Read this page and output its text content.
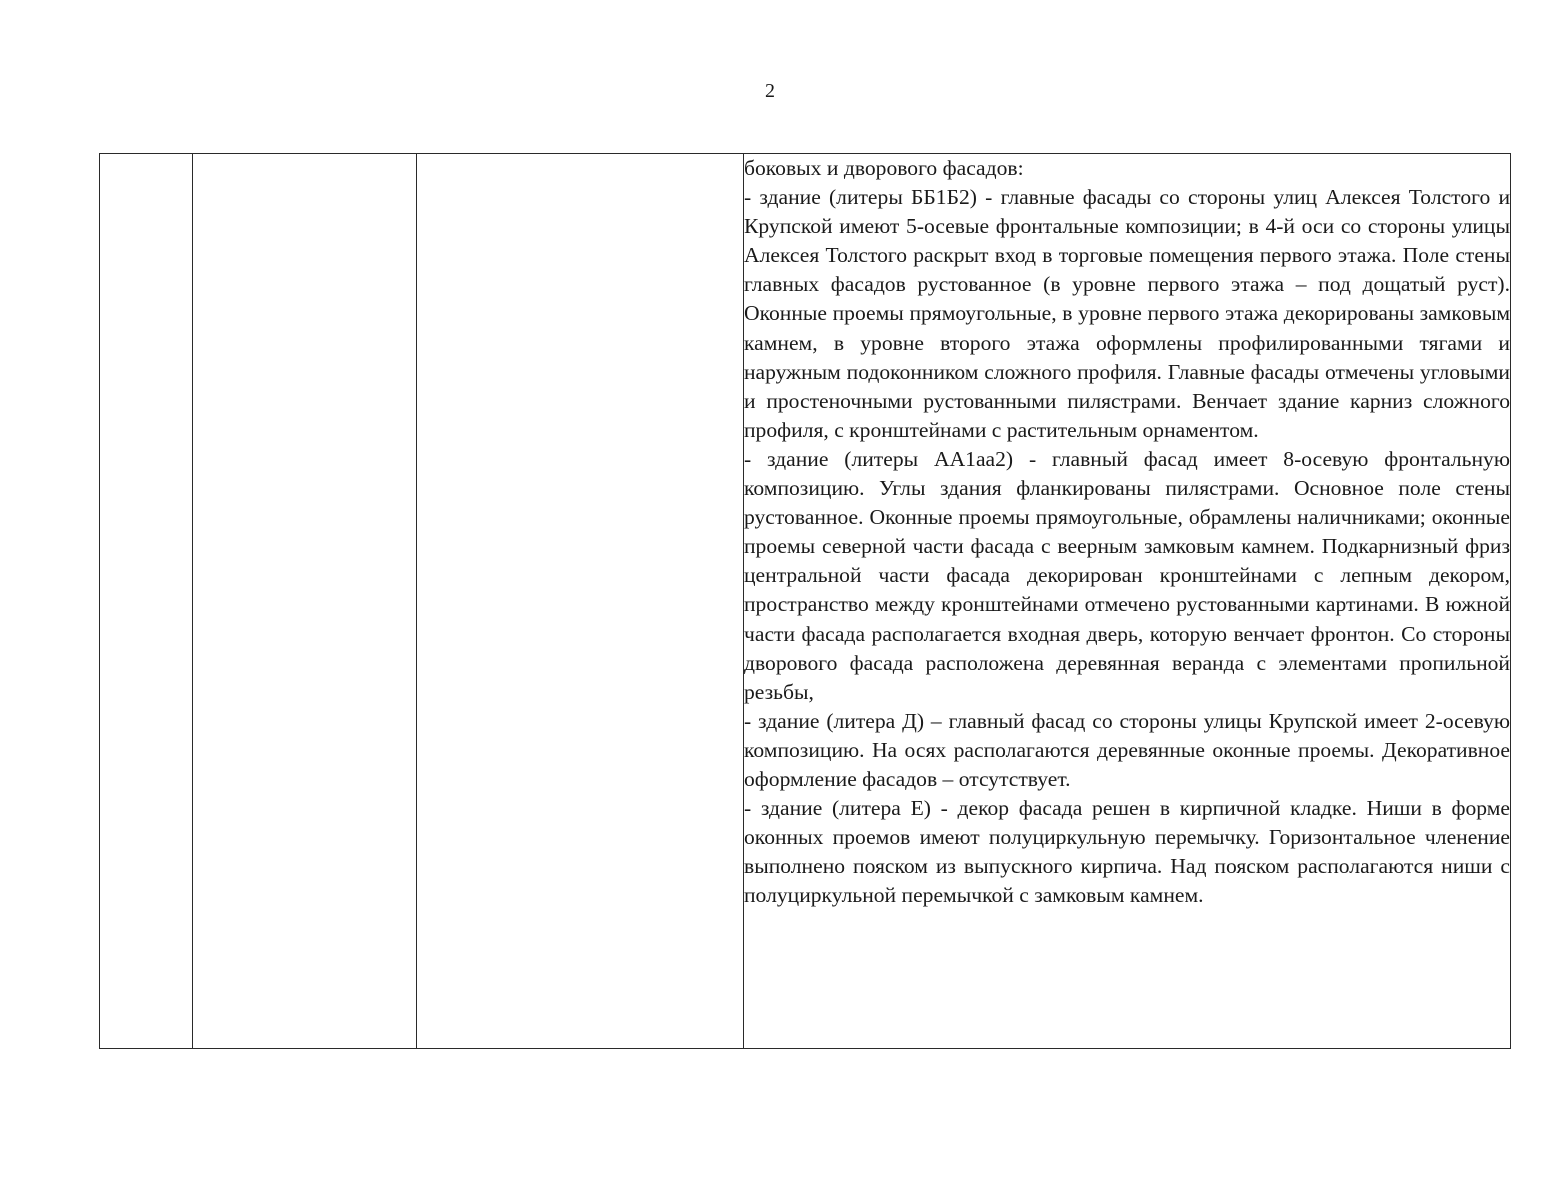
2

боковых и дворового фасадов:

- здание (литеры ББ1Б2) - главные фасады со стороны улиц Алексея Толстого и Крупской имеют 5-осевые фронтальные композиции; в 4-й оси со стороны улицы Алексея Толстого раскрыт вход в торговые помещения первого этажа. Поле стены главных фасадов рустованное (в уровне первого этажа – под дощатый руст). Оконные проемы прямоугольные, в уровне первого этажа декорированы замковым камнем, в уровне второго этажа оформлены профилированными тягами и наружным подоконником сложного профиля. Главные фасады отмечены угловыми и простеночными рустованными пилястрами. Венчает здание карниз сложного профиля, с кронштейнами с растительным орнаментом.

- здание (литеры АА1аа2) - главный фасад имеет 8-осевую фронтальную композицию. Углы здания фланкированы пилястрами. Основное поле стены рустованное. Оконные проемы прямоугольные, обрамлены наличниками; оконные проемы северной части фасада с веерным замковым камнем. Подкарнизный фриз центральной части фасада декорирован кронштейнами с лепным декором, пространство между кронштейнами отмечено рустованными картинами. В южной части фасада располагается входная дверь, которую венчает фронтон. Со стороны дворового фасада расположена деревянная веранда с элементами пропильной резьбы,

- здание (литера Д) – главный фасад со стороны улицы Крупской имеет 2-осевую композицию. На осях располагаются деревянные оконные проемы. Декоративное оформление фасадов – отсутствует.

- здание (литера Е) - декор фасада решен в кирпичной кладке. Ниши в форме оконных проемов имеют полуциркульную перемычку. Горизонтальное членение выполнено пояском из выпускного кирпича. Над пояском располагаются ниши с полуциркульной перемычкой с замковым камнем.
